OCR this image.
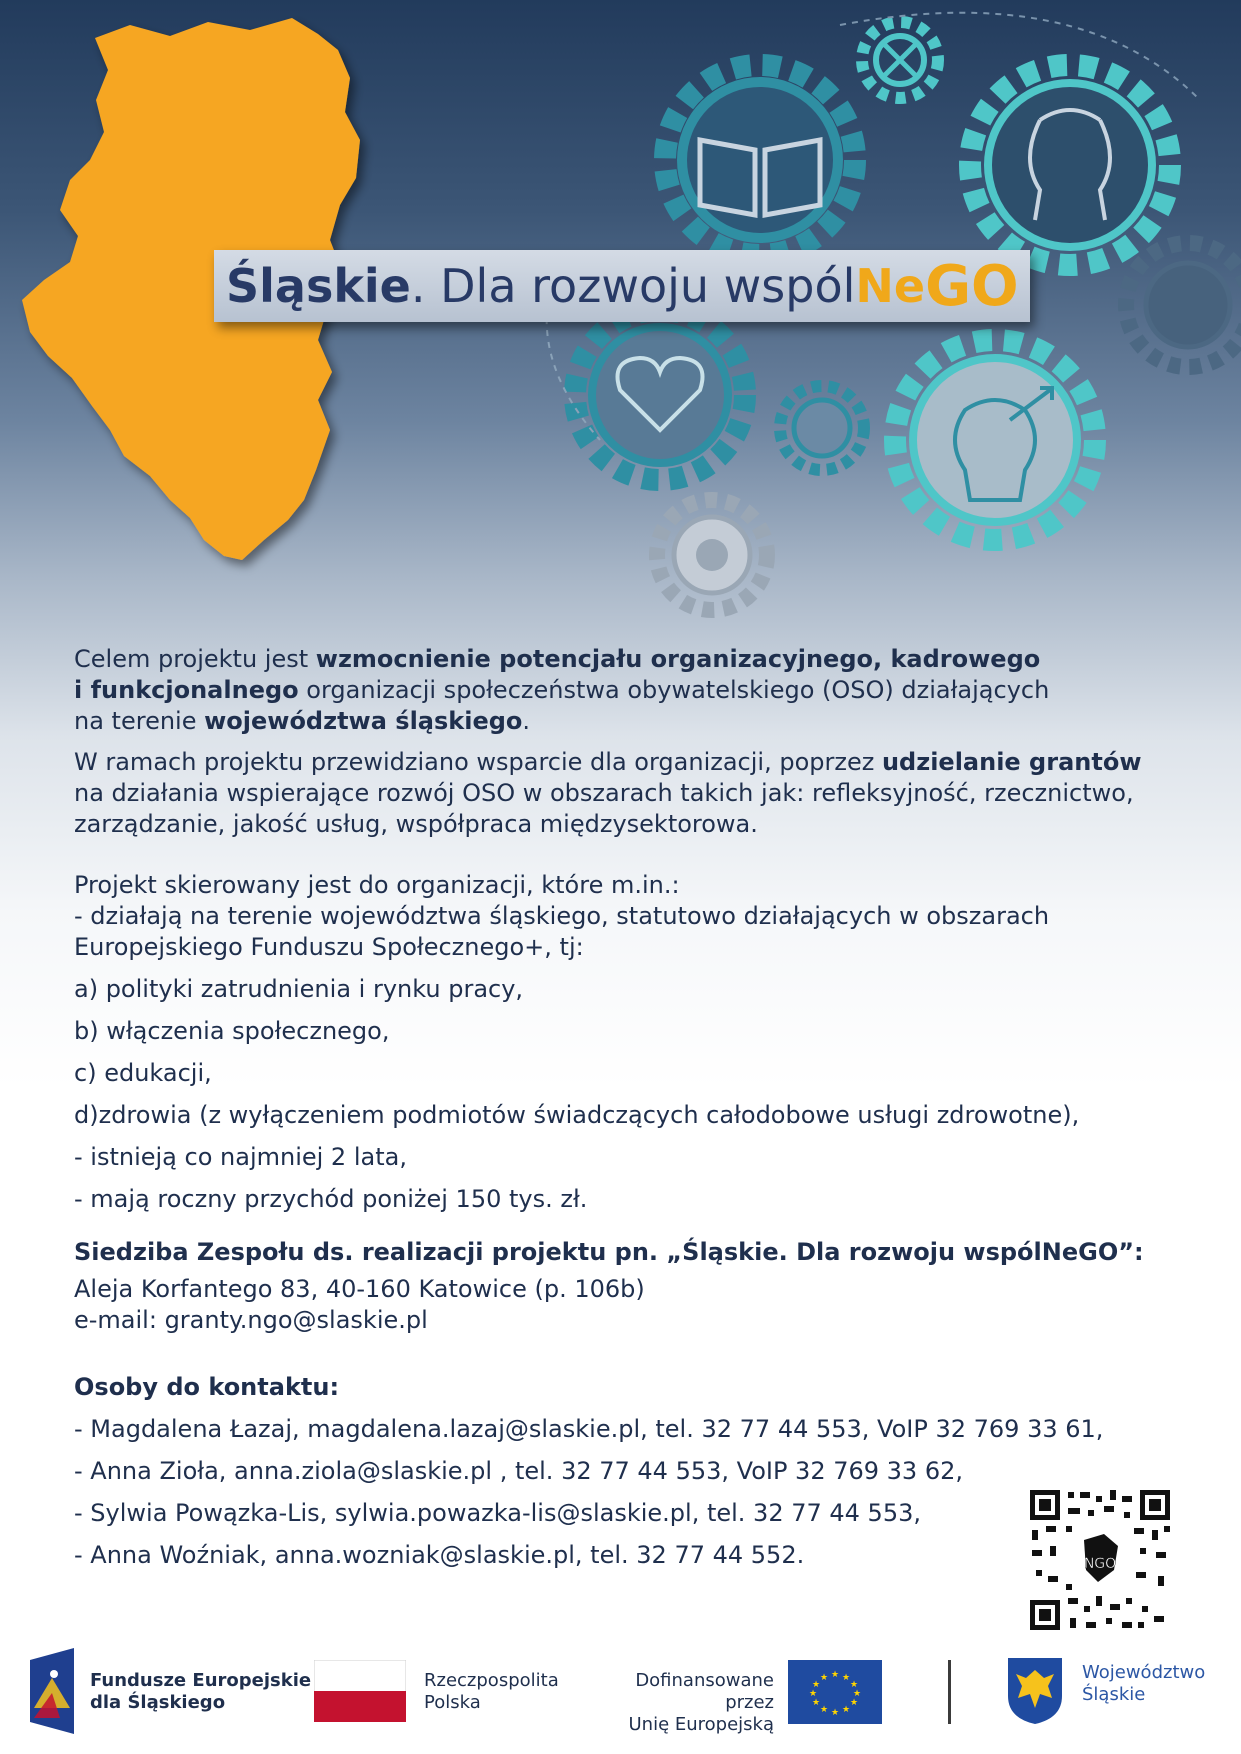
Śląskie . Dla rozwoju wspól Ne GO

Celem projektu jest wzmocnienie potencjału organizacyjnego, kadrowego
i funkcjonalnego organizacji społeczeństwa obywatelskiego (OSO) działających
na terenie województwa śląskiego.

W ramach projektu przewidziano wsparcie dla organizacji, poprzez udzielanie grantów
na działania wspierające rozwój OSO w obszarach takich jak: refleksyjność, rzecznictwo,
zarządzanie, jakość usług, współpraca międzysektorowa.

Projekt skierowany jest do organizacji, które m.in.:
- działają na terenie województwa śląskiego, statutowo działających w obszarach
Europejskiego Funduszu Społecznego+, tj:

a) polityki zatrudnienia i rynku pracy,

b) włączenia społecznego,

c) edukacji,

d)zdrowia (z wyłączeniem podmiotów świadczących całodobowe usługi zdrowotne),

- istnieją co najmniej 2 lata,

- mają roczny przychód poniżej 150 tys. zł.

Siedziba Zespołu ds. realizacji projektu pn. „Śląskie. Dla rozwoju wspólNeGO”:

Aleja Korfantego 83, 40-160 Katowice (p. 106b)

e-mail: granty.ngo@slaskie.pl

Osoby do kontaktu:

- Magdalena Łazaj, magdalena.lazaj@slaskie.pl, tel. 32 77 44 553, VoIP 32 769 33 61,

- Anna Zioła, anna.ziola@slaskie.pl , tel. 32 77 44 553, VoIP 32 769 33 62,

- Sylwia Powązka-Lis, sylwia.powazka-lis@slaskie.pl, tel. 32 77 44 553,

- Anna Woźniak, anna.wozniak@slaskie.pl, tel. 32 77 44 552.	NGO
Fundusze Europejskie
dla Śląskiego
Rzeczpospolita
Polska
Dofinansowane przez
Unię Europejską
★ ★
★
★
★
★
★
★
★
★
★
★	Województwo
Śląskie
